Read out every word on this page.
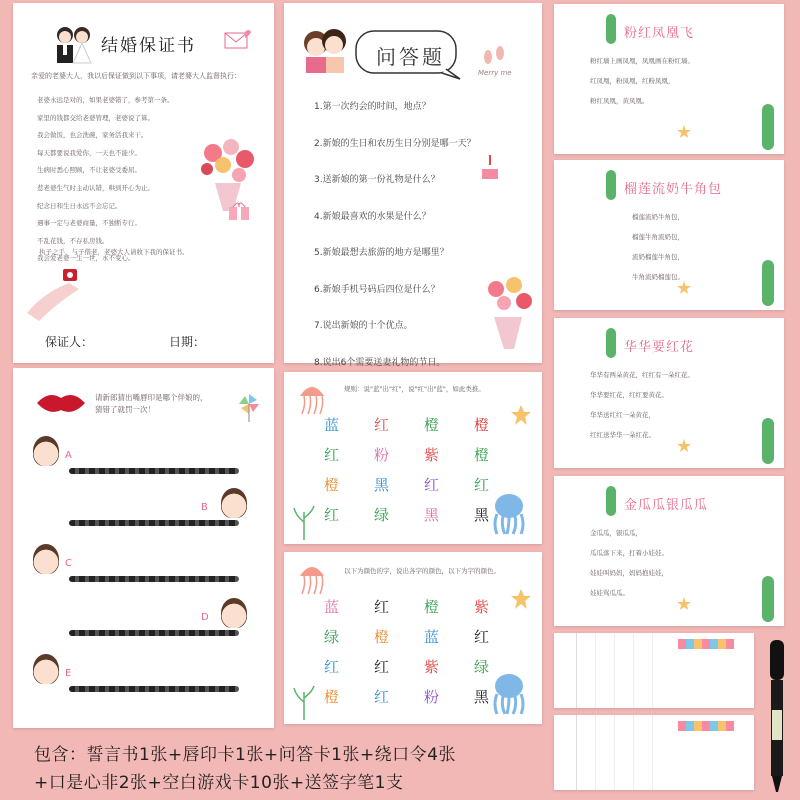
结婚保证书
亲爱的老婆大人，我以后保证做到以下事项，请老婆大人监督执行：
老婆永远是对的，如果老婆错了，参考第一条。
家里的钱都交给老婆管理，老婆说了算。
我会做饭，也会洗碗，家务活我来干。
每天都要说我爱你，一天也不能少。
生病时悉心照顾，不让老婆受委屈。
惹老婆生气时主动认错，哄到开心为止。
纪念日和生日永远不会忘记。
遇事一定与老婆商量，不独断专行。
不乱花钱，不存私房钱。
我会爱老婆一生一世，永不变心。
执子之手，与子偕老，老婆大人请收下我的保证书。
保证人：	日期：
问答题
Merry me
1.第一次约会的时间，地点？
2.新娘的生日和农历生日分别是哪一天？
3.送新娘的第一份礼物是什么？
4.新娘最喜欢的水果是什么？
5.新娘最想去旅游的地方是哪里？
6.新娘手机号码后四位是什么？
7.说出新娘的十个优点。
8.说出6个需要送妻礼物的节日。
请新郎猜出嘴唇印是哪个伴娘的，
猜错了就罚一次！
A
B
C
D
E
规则：说"蓝"出"红"，说"红"出"蓝"，如此类推。
蓝 红 橙 橙
红 粉 紫 橙
橙 黑 红 红
红 绿 黑 黑
以下为颜色的字，说出各字的颜色，以下为字的颜色。
蓝 红 橙 紫
绿 橙 蓝 红
红 红 紫 绿
橙 红 粉 黑
粉红凤凰飞
粉红墙上画凤凰，凤凰画在粉红墙。
红凤凰，粉凤凰，红粉凤凰，
粉红凤凰，黄凤凰。
★
榴莲流奶牛角包
榴莲流奶牛角包，
榴莲牛角流奶包，
流奶榴莲牛角包，
牛角流奶榴莲包。
★
华华要红花
华华有两朵黄花，红红有一朵红花。
华华要红花，红红要黄花。
华华送红红一朵黄花，
红红送华华一朵红花。
★
金瓜瓜银瓜瓜
金瓜瓜，银瓜瓜，
瓜瓜落下来，打着小娃娃。
娃娃叫妈妈，妈妈抱娃娃，
娃娃骂瓜瓜。
★
包含：誓言书1张+唇印卡1张+问答卡1张+绕口令4张
+口是心非2张+空白游戏卡10张+送签字笔1支
